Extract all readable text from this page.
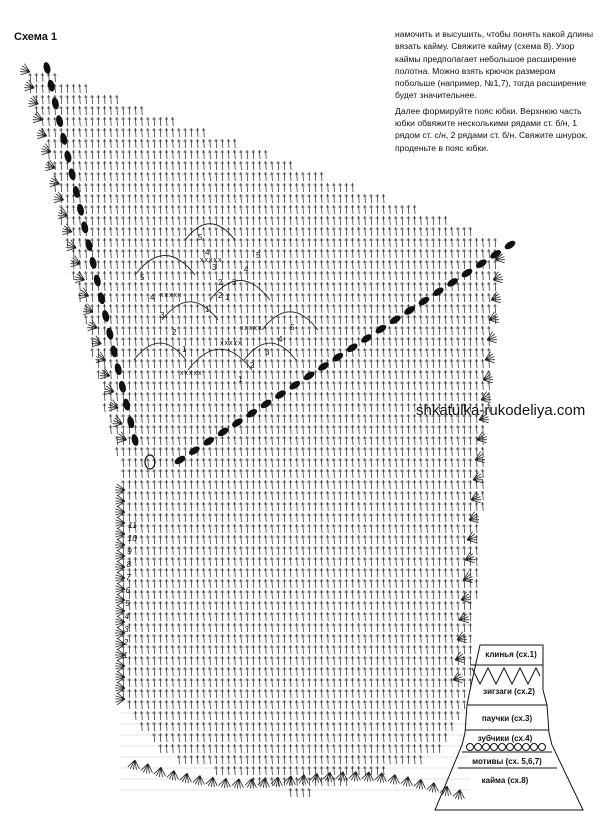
5
4
3
2
1
5
4
3
2
1
5
4
3
2
1
5
4
3
2
1
xxxxx
xxxxx
xxxxx
xxxxx
xxxxx
Схема 1	намочить и высушить, чтобы понять какой длины вязать кайму. Свяжите кайму (схема 8). Узор каймы предполагает небольшое расширение полотна. Можно взять крючок размером побольше (например, №1,7), тогда расширение будет значительнее.

Далее формируйте пояс юбки. Верхнюю часть юбки обвяжите несколькими рядами ст. б/н, 1 рядом ст. с/н, 2 рядами ст. б/н. Свяжите шнурок, проденьте в пояс юбки.

shkatulka-rukodeliya.com
11
10
9
8
7
6
5
4
3
2
1	клинья (сх.1)
зигзаги (сх.2)
паучки (сх.3)
зубчики (сх.4)
мотивы (сх. 5,6,7)
кайма (сх.8)
